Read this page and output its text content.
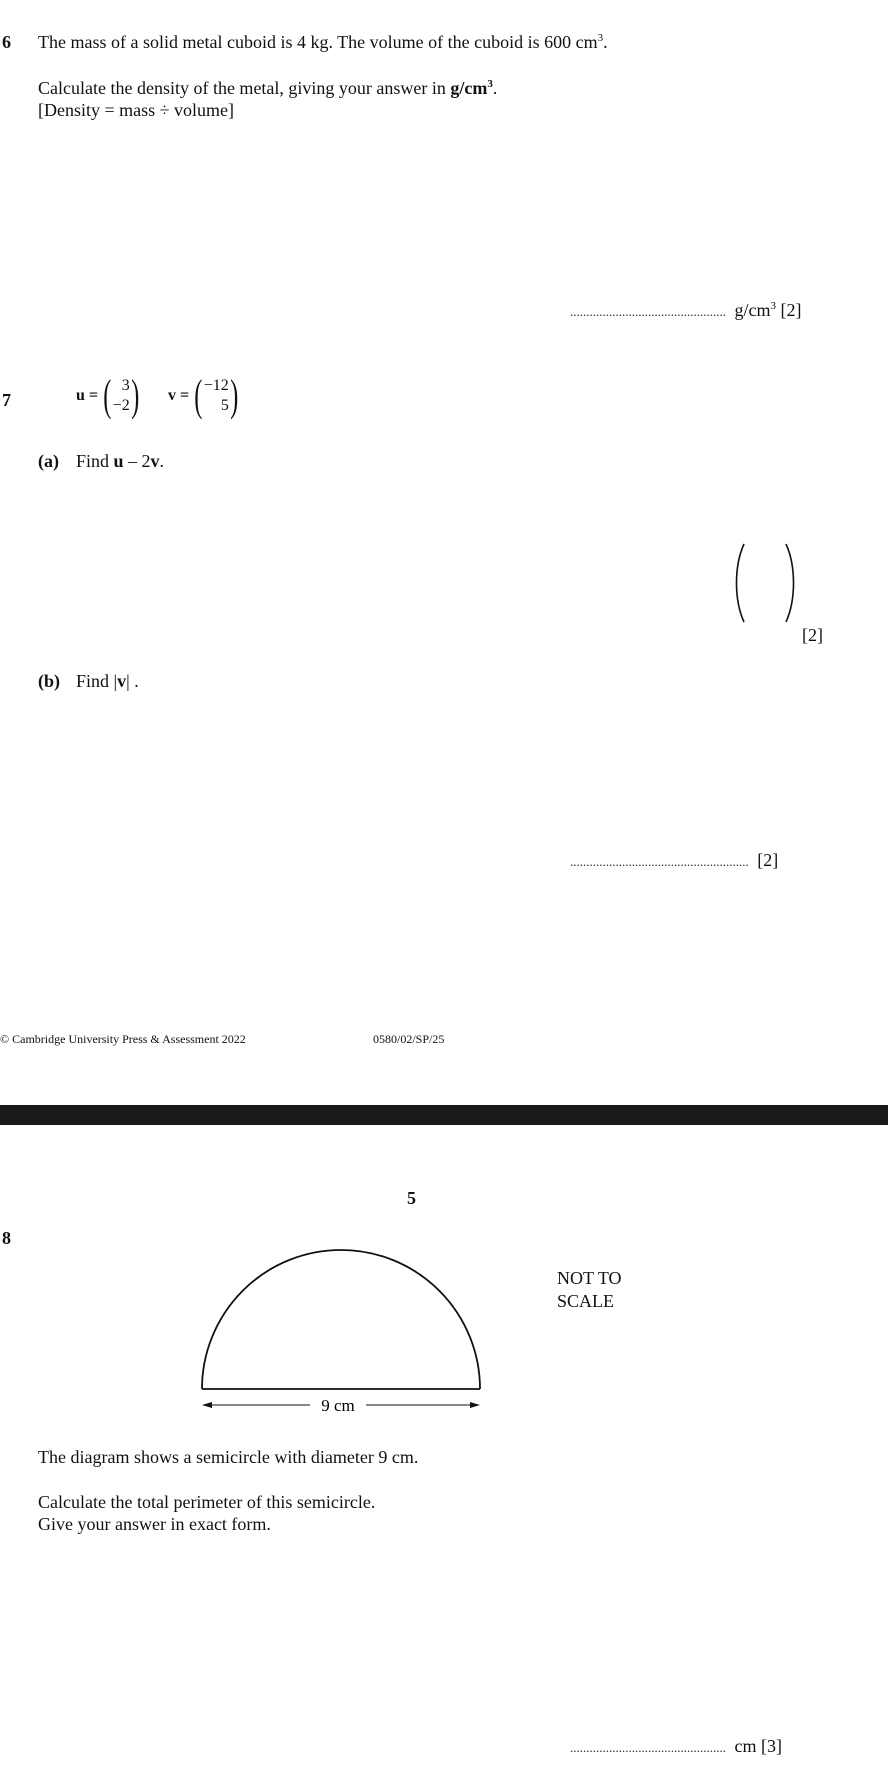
6 The mass of a solid metal cuboid is 4 kg. The volume of the cuboid is 600 $cm^3$.
Calculate the density of the metal, giving your answer in $g/cm^3$.
[Density = mass ÷ volume]
................................................ $g/cm^3$ [2]
7	u = ( 3
−2 ) v = ( −12
5 )
(a) Find u – 2v.
[2]
(b) Find |v| .
....................................................... [2]
© Cambridge University Press & Assessment 2022	0580/02/SP/25
5
8
9 cm
NOT TO
SCALE
The diagram shows a semicircle with diameter 9 cm.
Calculate the total perimeter of this semicircle.
Give your answer in exact form.
................................................ cm [3]
